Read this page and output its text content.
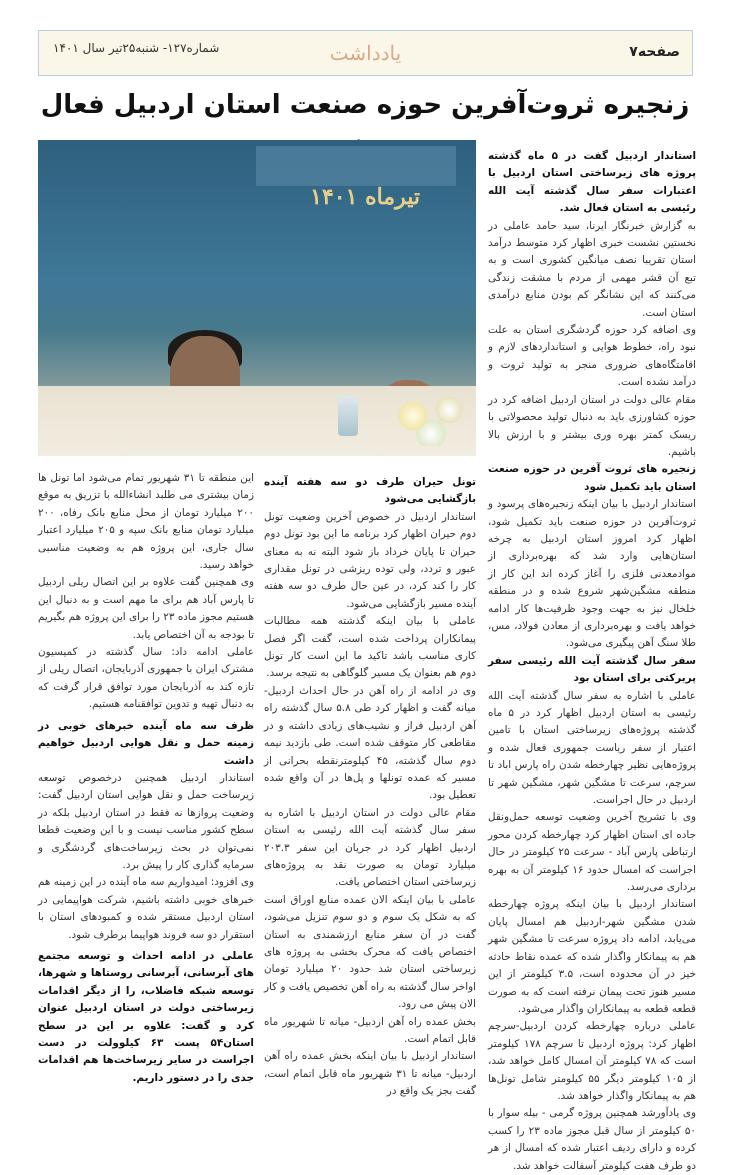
صفحه۷
یادداشت
شماره۱۲۷- شنبه۲۵تیر سال ۱۴۰۱
زنجیره ثروت‌آفرین حوزه صنعت استان اردبیل فعال
تیرماه ۱۴۰۱

استاندار اردبیل گفت در ۵ ماه گذشته پروژه های زیرساختی استان اردبیل با اعتبارات سفر سال گذشته آیت الله رئیسی به استان فعال شد.

به گزارش خبرنگار ایرنا، سید حامد عاملی در نخستین نشست خبری اظهار کرد متوسط درآمد استان تقریبا نصف میانگین کشوری است و به تبع آن قشر مهمی از مردم با مشقت زندگی می‌کنند که این نشانگر کم بودن منابع درآمدی استان است.

وی اضافه کرد حوزه گردشگری استان به علت نبود راه، خطوط هوایی و استانداردهای لازم و اقامتگاه‌های ضروری منجر به تولید ثروت و درآمد نشده است.

مقام عالی دولت در استان اردبیل اضافه کرد در حوزه کشاورزی باید به دنبال تولید محصولاتی با ریسک کمتر بهره وری بیشتر و با ارزش بالا باشیم.

زنجیره های ثروت آفرین در حوزه صنعت استان باید تکمیل شود

استاندار اردبیل با بیان اینکه زنجیره‌های پرسود و ثروت‌آفرین در حوزه صنعت باید تکمیل شود، اظهار کرد امروز استان اردبیل به چرخه استان‌هایی وارد شد که بهره‌برداری از موادمعدنی فلزی را آغاز کرده اند این کار از منطقه مشگین‌شهر شروع شده و در منطقه خلخال نیز به جهت وجود ظرفیت‌ها کار ادامه خواهد یافت و بهره‌برداری از معادن فولاد، مس، طلا سنگ آهن پیگیری می‌شود.

سفر سال گذشته آیت الله رئیسی سفر پربرکتی برای استان بود

عاملی با اشاره به سفر سال گذشته آیت الله رئیسی به استان اردبیل اظهار کرد در ۵ ماه گذشته پروژه‌های زیرساختی استان با تامین اعتبار از سفر ریاست جمهوری فعال شده و پروژه‌هایی نظیر چهارخطه شدن راه پارس اباد تا سرچم، سرعت تا مشگین شهر، مشگین شهر تا اردبیل در حال اجراست.

وی با تشریح آخرین وضعیت توسعه حمل‌ونقل جاده ای استان اظهار کرد چهارخطه کردن محور ارتباطی پارس آباد - سرعت ۲۵ کیلومتر در حال اجراست که امسال حدود ۱۶ کیلومتر آن به بهره برداری می‌رسد.

استاندار اردبیل با بیان اینکه پروژه چهارخطه شدن مشگین شهر-اردبیل هم امسال پایان می‌یابد، ادامه داد پروژه سرعت تا مشگین شهر هم به پیمانکار واگذار شده که عمده نقاط حادثه خیز در آن محدوده است، ۳.۵ کیلومتر از این مسیر هنوز تحت پیمان نرفته است که به صورت قطعه قطعه به پیمانکاران واگذار می‌شود.

عاملی درباره چهارخطه کردن اردبیل-سرچم اظهار کرد: پروژه اردبیل تا سرچم ۱۷۸ کیلومتر است که ۷۸ کیلومتر آن امسال کامل خواهد شد، از ۱۰۵ کیلومتر دیگر ۵۵ کیلومتر شامل تونل‌ها هم به پیمانکار واگذار خواهد شد.

وی یادآورشد همچنین پروژه گرمی - بیله سوار با ۵۰ کیلومتر از سال قبل مجوز ماده ۲۳ را کسب کرده و دارای ردیف اعتبار شده که امسال از هر دو طرف هفت کیلومتر آسفالت خواهد شد.

تونل حیران طرف دو سه هفته آینده بازگشایی می‌شود

استاندار اردبیل در خصوص آخرین وضعیت تونل دوم حیران اظهار کرد برنامه ما این بود تونل دوم حیران تا پایان خرداد باز شود البته نه به معنای عبور و تردد، ولی توده ریزشی در تونل مقداری کار را کند کرد، در عین حال طرف دو سه هفته آینده مسیر بازگشایی می‌شود.

عاملی با بیان اینکه گذشته همه مطالبات پیمانکاران پرداخت شده است، گفت اگر فصل کاری مناسب باشد تاکید ما این است کار تونل دوم هم بعنوان یک مسیر گلوگاهی به نتیجه برسد.

وی در ادامه از راه آهن در حال احداث اردبیل- میانه گفت و اظهار کرد طی ۵.۸ سال گذشته راه آهن اردبیل فراز و نشیب‌های زیادی داشته و در مقاطعی کار متوقف شده است. طی بازدید نیمه دوم سال گذشته، ۴۵ کیلومترنقطه بحرانی از مسیر که عمده تونلها و پل‌ها در آن واقع شده تعطیل بود.

مقام عالی دولت در استان اردبیل با اشاره به سفر سال گذشته آیت الله رئیسی به استان اردبیل اظهار کرد در جریان این سفر ۲۰۳.۳ میلیارد تومان به صورت نقد به پروژه‌های زیرساختی استان اختصاص یافت.

عاملی با بیان اینکه الان عمده منابع اوراق است که به شکل یک سوم و دو سوم تنزیل می‌شود، گفت در آن سفر منابع ارزشمندی به استان اختصاص یافت که محرک بخشی به پروژه های زیرساختی استان شد حدود ۲۰ میلیارد تومان اواخر سال گذشته به راه آهن تخصیص یافت و کار الان پیش می رود.

بخش عمده راه آهن اردبیل- میانه تا شهریور ماه قابل اتمام است.

استاندار اردبیل با بیان اینکه بخش عمده راه آهن اردبیل- میانه تا ۳۱ شهریور ماه قابل اتمام است، گفت بجز یک واقع در

این منطقه تا ۳۱ شهریور تمام می‌شود اما تونل ها زمان بیشتری می طلبد انشاءالله با تزریق به موقع ۲۰۰ میلیارد تومان از محل منابع بانک رفاه، ۲۰۰ میلیارد تومان منابع بانک سپه و ۲۰۵ میلیارد اعتبار سال جاری، این پروژه هم به وضعیت مناسبی خواهد رسید.

وی همچنین گفت علاوه بر این اتصال ریلی اردبیل تا پارس آباد هم برای ما مهم است و به دنبال این هستیم مجوز ماده ۲۳ را برای این پروژه هم بگیریم تا بودجه به آن اختصاص یابد.

عاملی ادامه داد: سال گذشته در کمیسیون مشترک ایران با جمهوری آذربایجان، اتصال ریلی از تازه کند به آذربایجان مورد توافق قرار گرفت که به دنبال تهیه و تدوین توافقنامه هستیم.

ظرف سه ماه آینده خبرهای خوبی در زمینه حمل و نقل هوایی اردبیل خواهیم داشت

استاندار اردبیل همچنین درخصوص توسعه زیرساخت حمل و نقل هوایی استان اردبیل گفت: وضعیت پروازها نه فقط در استان اردبیل بلکه در سطح کشور مناسب نیست و با این وضعیت قطعا نمی‌توان در بحث زیرساخت‌های گردشگری و سرمایه گذاری کار را پیش برد.

وی افزود: امیدواریم سه ماه آینده در این زمینه هم خبرهای خوبی داشته باشیم، شرکت هواپیمایی در استان اردبیل مستقر شده و کمبودهای استان با استقرار دو سه فروند هواپیما برطرف شود.

عاملی در ادامه احداث و توسعه مجتمع های آبرسانی، آبرسانی روستاها و شهرها، توسعه شبکه فاضلاب، را از دیگر اقدامات زیرساختی دولت در استان اردبیل عنوان کرد و گفت: علاوه بر این در سطح استان۵۴ پست ۶۳ کیلوولت در دست اجراست در سایر زیرساخت‌ها هم اقدامات جدی را در دستور داریم.
